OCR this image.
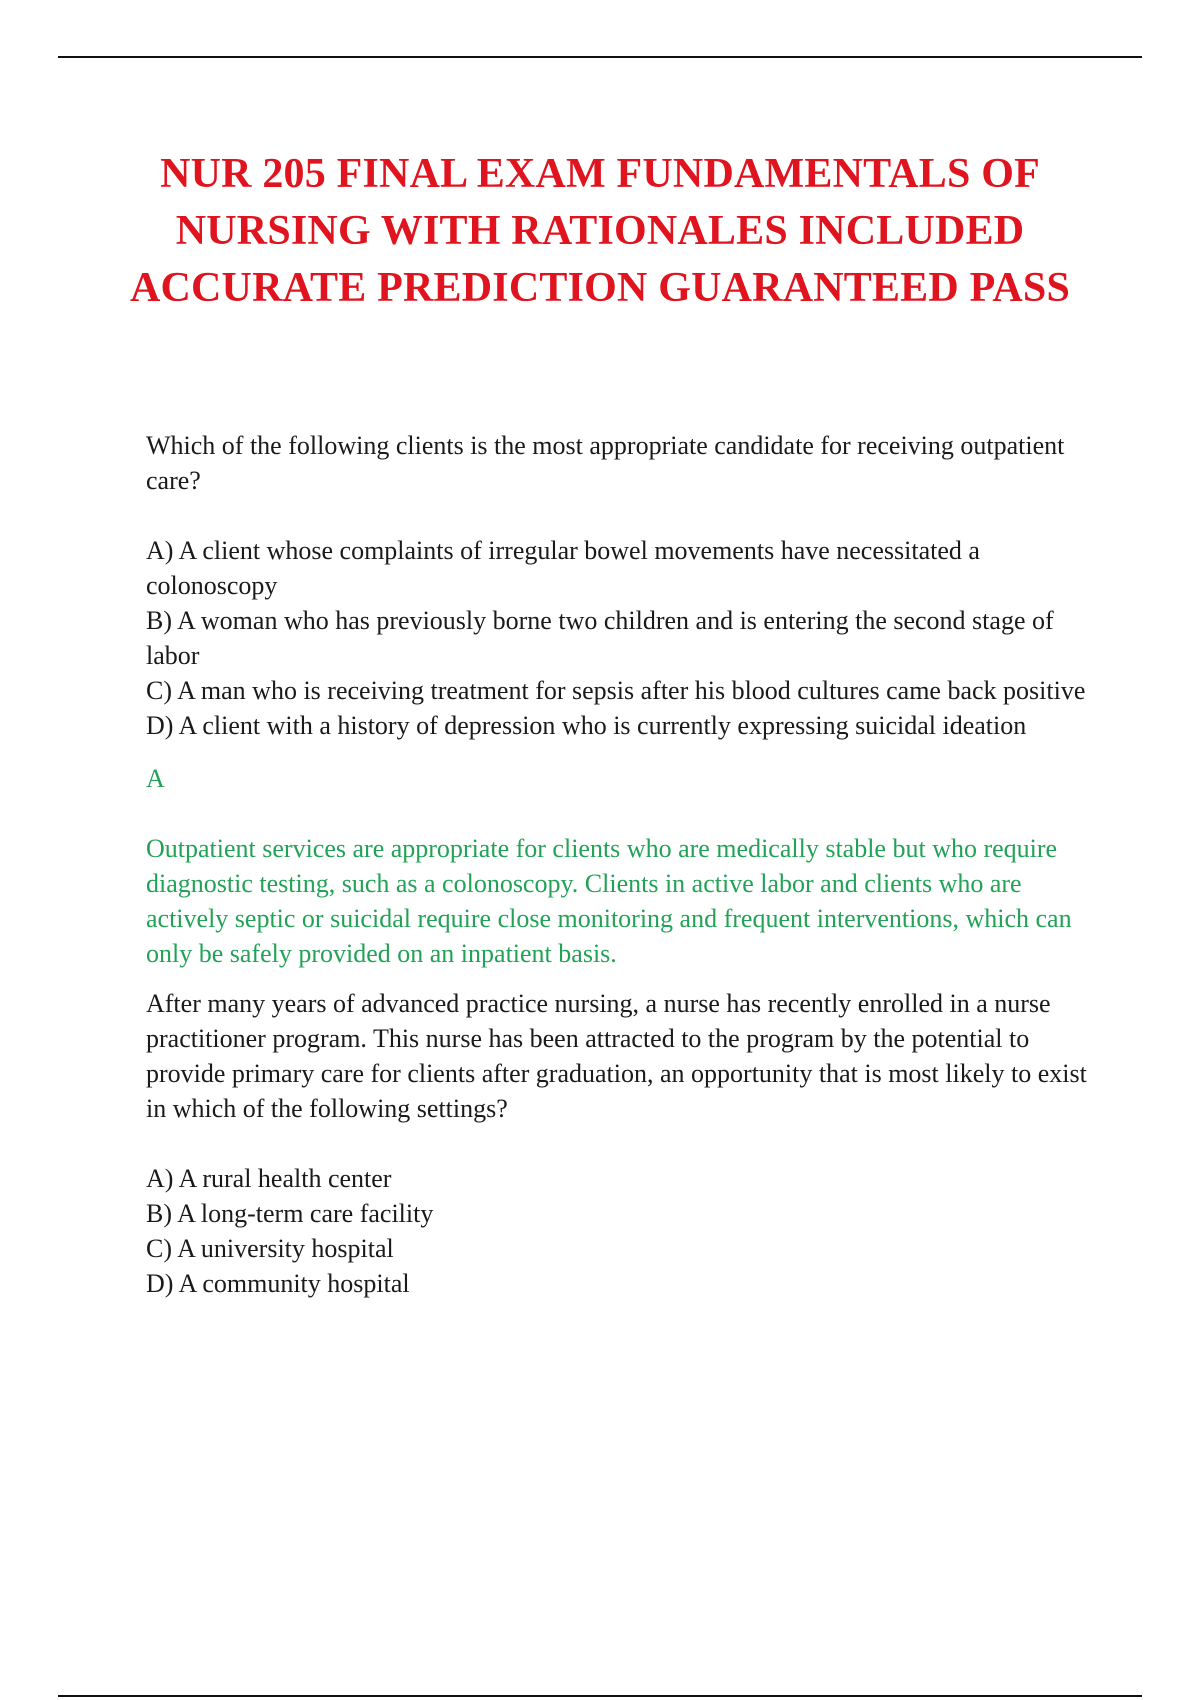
NUR 205 FINAL EXAM FUNDAMENTALS OF NURSING WITH RATIONALES INCLUDED ACCURATE PREDICTION GUARANTEED PASS

Which of the following clients is the most appropriate candidate for receiving outpatient care?

A) A client whose complaints of irregular bowel movements have necessitated a colonoscopy
B) A woman who has previously borne two children and is entering the second stage of labor
C) A man who is receiving treatment for sepsis after his blood cultures came back positive
D) A client with a history of depression who is currently expressing suicidal ideation

A

Outpatient services are appropriate for clients who are medically stable but who require diagnostic testing, such as a colonoscopy. Clients in active labor and clients who are actively septic or suicidal require close monitoring and frequent interventions, which can only be safely provided on an inpatient basis.

After many years of advanced practice nursing, a nurse has recently enrolled in a nurse practitioner program. This nurse has been attracted to the program by the potential to provide primary care for clients after graduation, an opportunity that is most likely to exist in which of the following settings?

A) A rural health center
B) A long-term care facility
C) A university hospital
D) A community hospital
